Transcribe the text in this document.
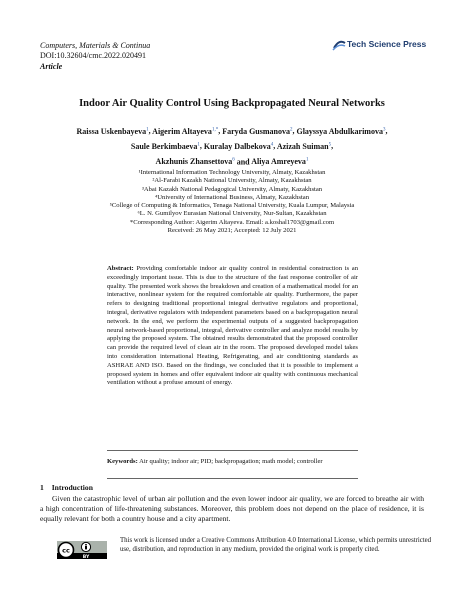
Computers, Materials & Continua
DOI:10.32604/cmc.2022.020491
Article
Tech Science Press
Indoor Air Quality Control Using Backpropagated Neural Networks
Raissa Uskenbayeva$^1$, Aigerim Altayeva$^{1,*}$, Faryda Gusmanova$^2$, Glayssya Abdulkarimova$^3$,
Saule Berkimbaeva$^1$, Kuralay Dalbekova$^4$, Azizah Suiman$^5$,
Akzhunis Zhansettova$^6$ and Aliya Amreyeva$^1$
¹International Information Technology University, Almaty, Kazakhstan
²Al-Farabi Kazakh National University, Almaty, Kazakhstan
³Abai Kazakh National Pedagogical University, Almaty, Kazakhstan
⁴University of International Business, Almaty, Kazakhstan
⁵College of Computing & Informatics, Tenaga National University, Kuala Lumpur, Malaysia
⁶L. N. Gumilyov Eurasian National University, Nur-Sultan, Kazakhstan
*Corresponding Author: Aigerim Altayeva. Email: a.koshal1703@gmail.com
Received: 26 May 2021; Accepted: 12 July 2021
Abstract: Providing comfortable indoor air quality control in residential construction is an exceedingly important issue. This is due to the structure of the fast response controller of air quality. The presented work shows the breakdown and creation of a mathematical model for an interactive, nonlinear system for the required comfortable air quality. Furthermore, the paper refers to designing traditional proportional integral derivative regulators and proportional, integral, derivative regulators with independent parameters based on a backpropagation neural network. In the end, we perform the experimental outputs of a suggested backpropagation neural network-based proportional, integral, derivative controller and analyze model results by applying the proposed system. The obtained results demonstrated that the proposed controller can provide the required level of clean air in the room. The proposed developed model takes into consideration international Heating, Refrigerating, and air conditioning standards as ASHRAE AND ISO. Based on the findings, we concluded that it is possible to implement a proposed system in homes and offer equivalent indoor air quality with continuous mechanical ventilation without a profuse amount of energy.
Keywords: Air quality; indoor air; PID; backpropagation; math model; controller
1 Introduction
Given the catastrophic level of urban air pollution and the even lower indoor air quality, we are forced to breathe air with a high concentration of life-threatening substances. Moreover, this problem does not depend on the place of residence, it is equally relevant for both a country house and a city apartment.
cc
BY
This work is licensed under a Creative Commons Attribution 4.0 International License, which permits unrestricted use, distribution, and reproduction in any medium, provided the original work is properly cited.
